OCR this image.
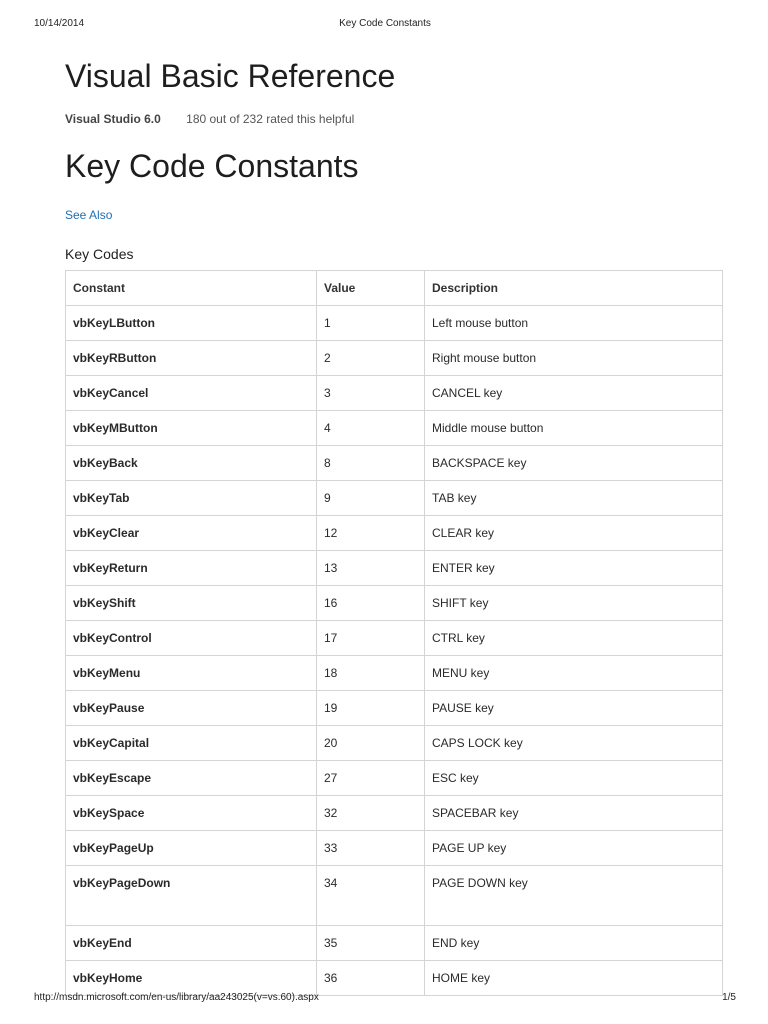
10/14/2014	Key Code Constants
Visual Basic Reference
Visual Studio 6.0 180 out of 232 rated this helpful
Key Code Constants
See Also
Key Codes
Constant	Value	Description
vbKeyLButton	1	Left mouse button
vbKeyRButton	2	Right mouse button
vbKeyCancel	3	CANCEL key
vbKeyMButton	4	Middle mouse button
vbKeyBack	8	BACKSPACE key
vbKeyTab	9	TAB key
vbKeyClear	12	CLEAR key
vbKeyReturn	13	ENTER key
vbKeyShift	16	SHIFT key
vbKeyControl	17	CTRL key
vbKeyMenu	18	MENU key
vbKeyPause	19	PAUSE key
vbKeyCapital	20	CAPS LOCK key
vbKeyEscape	27	ESC key
vbKeySpace	32	SPACEBAR key
vbKeyPageUp	33	PAGE UP key
vbKeyPageDown	34	PAGE DOWN key
vbKeyEnd	35	END key
vbKeyHome	36	HOME key
http://msdn.microsoft.com/en-us/library/aa243025(v=vs.60).aspx	1/5
